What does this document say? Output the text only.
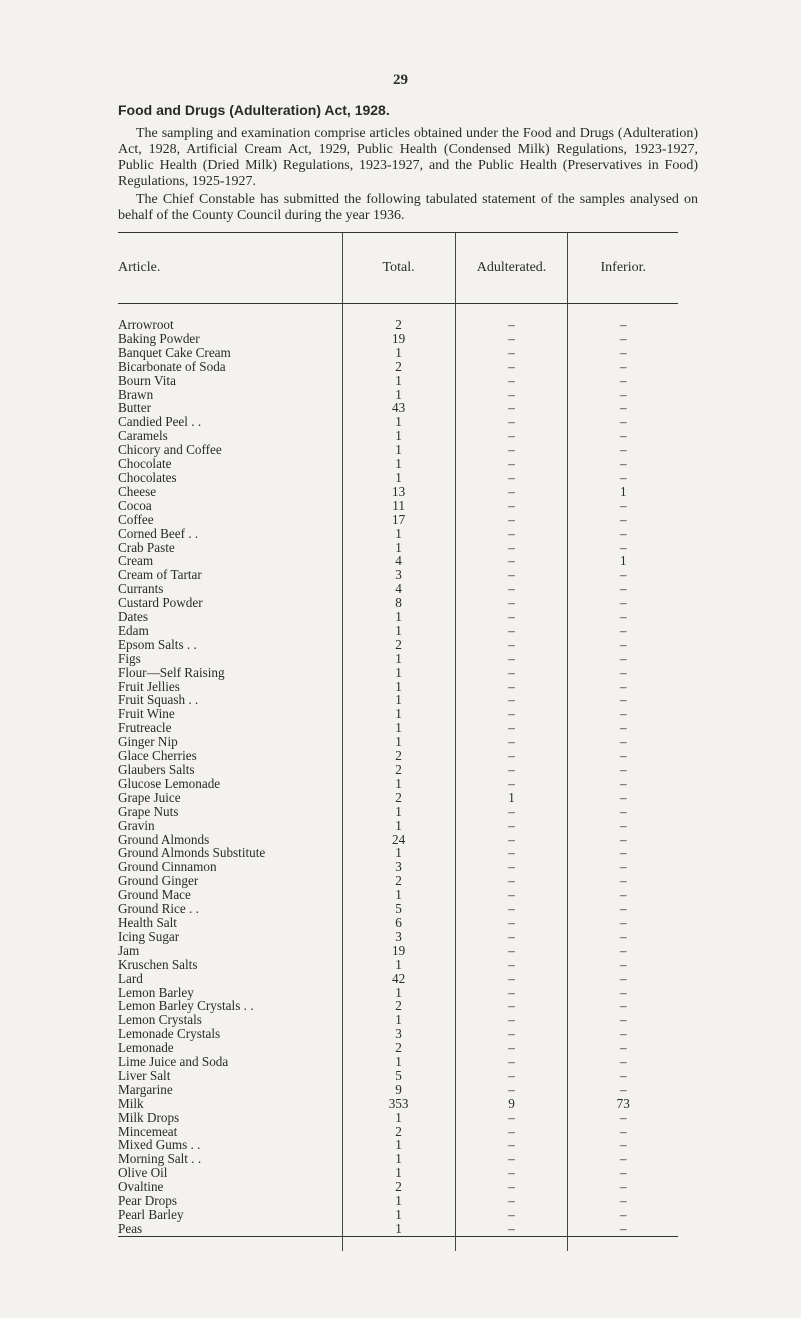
29
Food and Drugs (Adulteration) Act, 1928.
The sampling and examination comprise articles obtained under the Food and Drugs (Adulteration) Act, 1928, Artificial Cream Act, 1929, Public Health (Condensed Milk) Regulations, 1923-1927, Public Health (Dried Milk) Regulations, 1923-1927, and the Public Health (Preservatives in Food) Regulations, 1925-1927.
The Chief Constable has submitted the following tabulated statement of the samples analysed on behalf of the County Council during the year 1936.
Article.	Total.	Adulterated.	Inferior.

Arrowroot	2	–	–
Baking Powder	19	–	–
Banquet Cake Cream	1	–	–
Bicarbonate of Soda	2	–	–
Bourn Vita	1	–	–
Brawn	1	–	–
Butter	43	–	–
Candied Peel . .	1	–	–
Caramels	1	–	–
Chicory and Coffee	1	–	–
Chocolate	1	–	–
Chocolates	1	–	–
Cheese	13	–	1
Cocoa	11	–	–
Coffee	17	–	–
Corned Beef . .	1	–	–
Crab Paste	1	–	–
Cream	4	–	1
Cream of Tartar	3	–	–
Currants	4	–	–
Custard Powder	8	–	–
Dates	1	–	–
Edam	1	–	–
Epsom Salts . .	2	–	–
Figs	1	–	–
Flour—Self Raising	1	–	–
Fruit Jellies	1	–	–
Fruit Squash . .	1	–	–
Fruit Wine	1	–	–
Frutreacle	1	–	–
Ginger Nip	1	–	–
Glace Cherries	2	–	–
Glaubers Salts	2	–	–
Glucose Lemonade	1	–	–
Grape Juice	2	1	–
Grape Nuts	1	–	–
Gravin	1	–	–
Ground Almonds	24	–	–
Ground Almonds Substitute	1	–	–
Ground Cinnamon	3	–	–
Ground Ginger	2	–	–
Ground Mace	1	–	–
Ground Rice . .	5	–	–
Health Salt	6	–	–
Icing Sugar	3	–	–
Jam	19	–	–
Kruschen Salts	1	–	–
Lard	42	–	–
Lemon Barley	1	–	–
Lemon Barley Crystals . .	2	–	–
Lemon Crystals	1	–	–
Lemonade Crystals	3	–	–
Lemonade	2	–	–
Lime Juice and Soda	1	–	–
Liver Salt	5	–	–
Margarine	9	–	–
Milk	353	9	73
Milk Drops	1	–	–
Mincemeat	2	–	–
Mixed Gums . .	1	–	–
Morning Salt . .	1	–	–
Olive Oil	1	–	–
Ovaltine	2	–	–
Pear Drops	1	–	–
Pearl Barley	1	–	–
Peas	1	–	–
